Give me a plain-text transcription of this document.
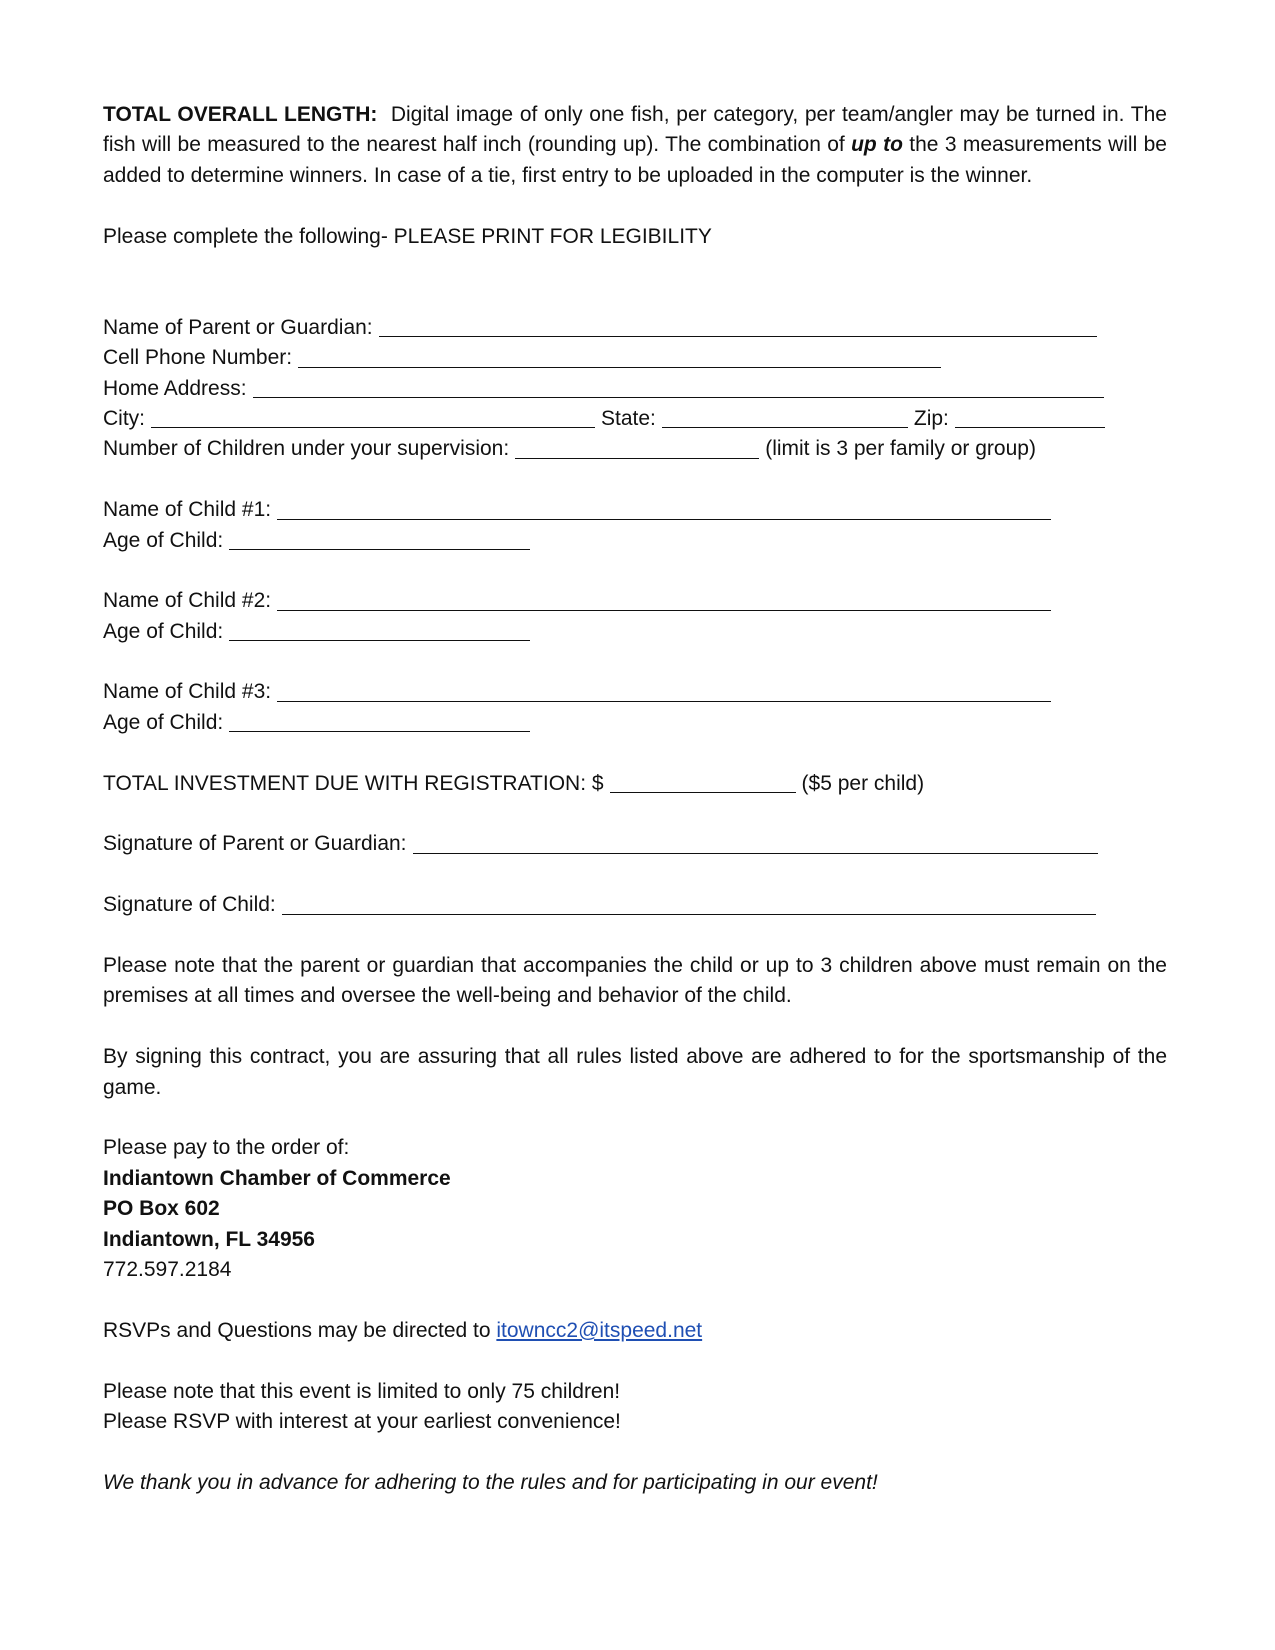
TOTAL OVERALL LENGTH: Digital image of only one fish, per category, per team/angler may be turned in. The fish will be measured to the nearest half inch (rounding up). The combination of up to the 3 measurements will be added to determine winners. In case of a tie, first entry to be uploaded in the computer is the winner.

Please complete the following- PLEASE PRINT FOR LEGIBILITY
Name of Parent or Guardian:
Cell Phone Number:
Home Address:
City:	State:	Zip:
Number of Children under your supervision:	(limit is 3 per family or group)
Name of Child #1:
Age of Child:
Name of Child #2:
Age of Child:
Name of Child #3:
Age of Child:
TOTAL INVESTMENT DUE WITH REGISTRATION: $	($5 per child)
Signature of Parent or Guardian:
Signature of Child:

Please note that the parent or guardian that accompanies the child or up to 3 children above must remain on the premises at all times and oversee the well-being and behavior of the child.

By signing this contract, you are assuring that all rules listed above are adhered to for the sportsmanship of the game.

Please pay to the order of:
Indiantown Chamber of Commerce
PO Box 602
Indiantown, FL 34956
772.597.2184
RSVPs and Questions may be directed to itowncc2@itspeed.net
Please note that this event is limited to only 75 children!
Please RSVP with interest at your earliest convenience!
We thank you in advance for adhering to the rules and for participating in our event!
